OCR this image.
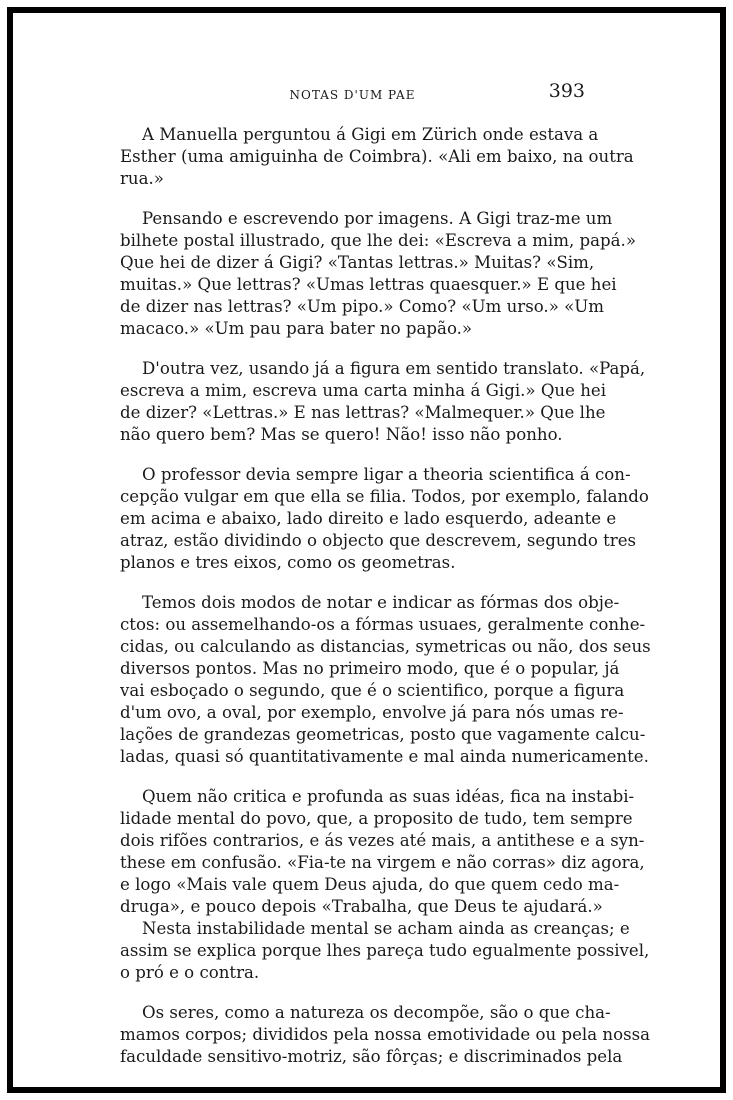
NOTAS D'UM PAE	393
A Manuella perguntou á Gigi em Zürich onde estava a
Esther (uma amiguinha de Coimbra). «Ali em baixo, na outra
rua.»
Pensando e escrevendo por imagens. A Gigi traz-me um
bilhete postal illustrado, que lhe dei: «Escreva a mim, papá.»
Que hei de dizer á Gigi? «Tantas lettras.» Muitas? «Sim,
muitas.» Que lettras? «Umas lettras quaesquer.» E que hei
de dizer nas lettras? «Um pipo.» Como? «Um urso.» «Um
macaco.» «Um pau para bater no papão.»
D'outra vez, usando já a figura em sentido translato. «Papá,
escreva a mim, escreva uma carta minha á Gigi.» Que hei
de dizer? «Lettras.» E nas lettras? «Malmequer.» Que lhe
não quero bem? Mas se quero! Não! isso não ponho.
O professor devia sempre ligar a theoria scientifica á con-
cepção vulgar em que ella se filia. Todos, por exemplo, falando
em acima e abaixo, lado direito e lado esquerdo, adeante e
atraz, estão dividindo o objecto que descrevem, segundo tres
planos e tres eixos, como os geometras.
Temos dois modos de notar e indicar as fórmas dos obje-
ctos: ou assemelhando-os a fórmas usuaes, geralmente conhe-
cidas, ou calculando as distancias, symetricas ou não, dos seus
diversos pontos. Mas no primeiro modo, que é o popular, já
vai esboçado o segundo, que é o scientifico, porque a figura
d'um ovo, a oval, por exemplo, envolve já para nós umas re-
lações de grandezas geometricas, posto que vagamente calcu-
ladas, quasi só quantitativamente e mal ainda numericamente.
Quem não critica e profunda as suas idéas, fica na instabi-
lidade mental do povo, que, a proposito de tudo, tem sempre
dois rifões contrarios, e ás vezes até mais, a antithese e a syn-
these em confusão. «Fia-te na virgem e não corras» diz agora,
e logo «Mais vale quem Deus ajuda, do que quem cedo ma-
druga», e pouco depois «Trabalha, que Deus te ajudará.»
Nesta instabilidade mental se acham ainda as creanças; e
assim se explica porque lhes pareça tudo egualmente possivel,
o pró e o contra.
Os seres, como a natureza os decompõe, são o que cha-
mamos corpos; divididos pela nossa emotividade ou pela nossa
faculdade sensitivo-motriz, são fôrças; e discriminados pela
